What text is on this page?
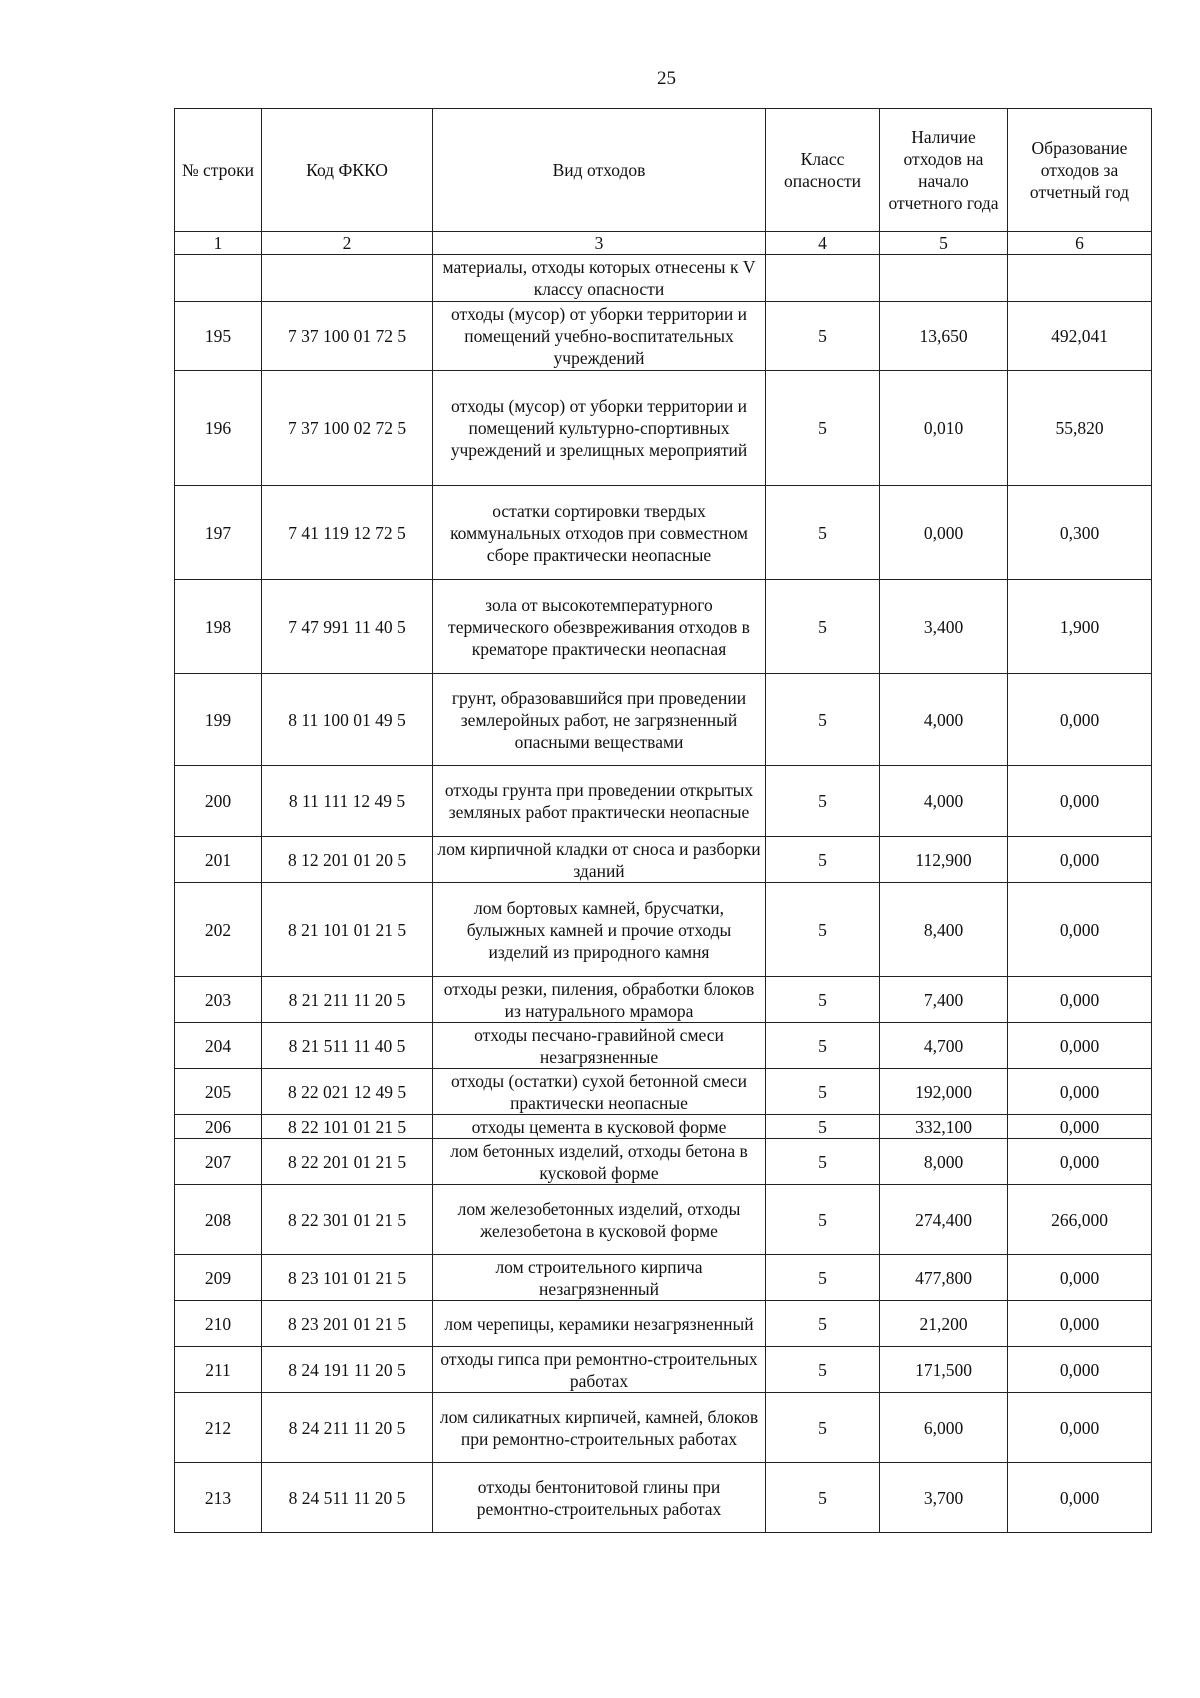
25
№ строки	Код ФККО	Вид отходов	Класс опасности	Наличие отходов на начало отчетного года	Образование отходов за отчетный год
1	2	3	4	5	6
		материалы, отходы которых отнесены к V классу опасности			
195	7 37 100 01 72 5	отходы (мусор) от уборки территории и помещений учебно-воспитательных учреждений	5	13,650	492,041
196	7 37 100 02 72 5	отходы (мусор) от уборки территории и помещений культурно-спортивных учреждений и зрелищных мероприятий	5	0,010	55,820
197	7 41 119 12 72 5	остатки сортировки твердых коммунальных отходов при совместном сборе практически неопасные	5	0,000	0,300
198	7 47 991 11 40 5	зола от высокотемпературного термического обезвреживания отходов в крематоре практически неопасная	5	3,400	1,900
199	8 11 100 01 49 5	грунт, образовавшийся при проведении землеройных работ, не загрязненный опасными веществами	5	4,000	0,000
200	8 11 111 12 49 5	отходы грунта при проведении открытых земляных работ практически неопасные	5	4,000	0,000
201	8 12 201 01 20 5	лом кирпичной кладки от сноса и разборки зданий	5	112,900	0,000
202	8 21 101 01 21 5	лом бортовых камней, брусчатки, булыжных камней и прочие отходы изделий из природного камня	5	8,400	0,000
203	8 21 211 11 20 5	отходы резки, пиления, обработки блоков из натурального мрамора	5	7,400	0,000
204	8 21 511 11 40 5	отходы песчано-гравийной смеси незагрязненные	5	4,700	0,000
205	8 22 021 12 49 5	отходы (остатки) сухой бетонной смеси практически неопасные	5	192,000	0,000
206	8 22 101 01 21 5	отходы цемента в кусковой форме	5	332,100	0,000
207	8 22 201 01 21 5	лом бетонных изделий, отходы бетона в кусковой форме	5	8,000	0,000
208	8 22 301 01 21 5	лом железобетонных изделий, отходы железобетона в кусковой форме	5	274,400	266,000
209	8 23 101 01 21 5	лом строительного кирпича незагрязненный	5	477,800	0,000
210	8 23 201 01 21 5	лом черепицы, керамики незагрязненный	5	21,200	0,000
211	8 24 191 11 20 5	отходы гипса при ремонтно-строительных работах	5	171,500	0,000
212	8 24 211 11 20 5	лом силикатных кирпичей, камней, блоков при ремонтно-строительных работах	5	6,000	0,000
213	8 24 511 11 20 5	отходы бентонитовой глины при ремонтно-строительных работах	5	3,700	0,000
